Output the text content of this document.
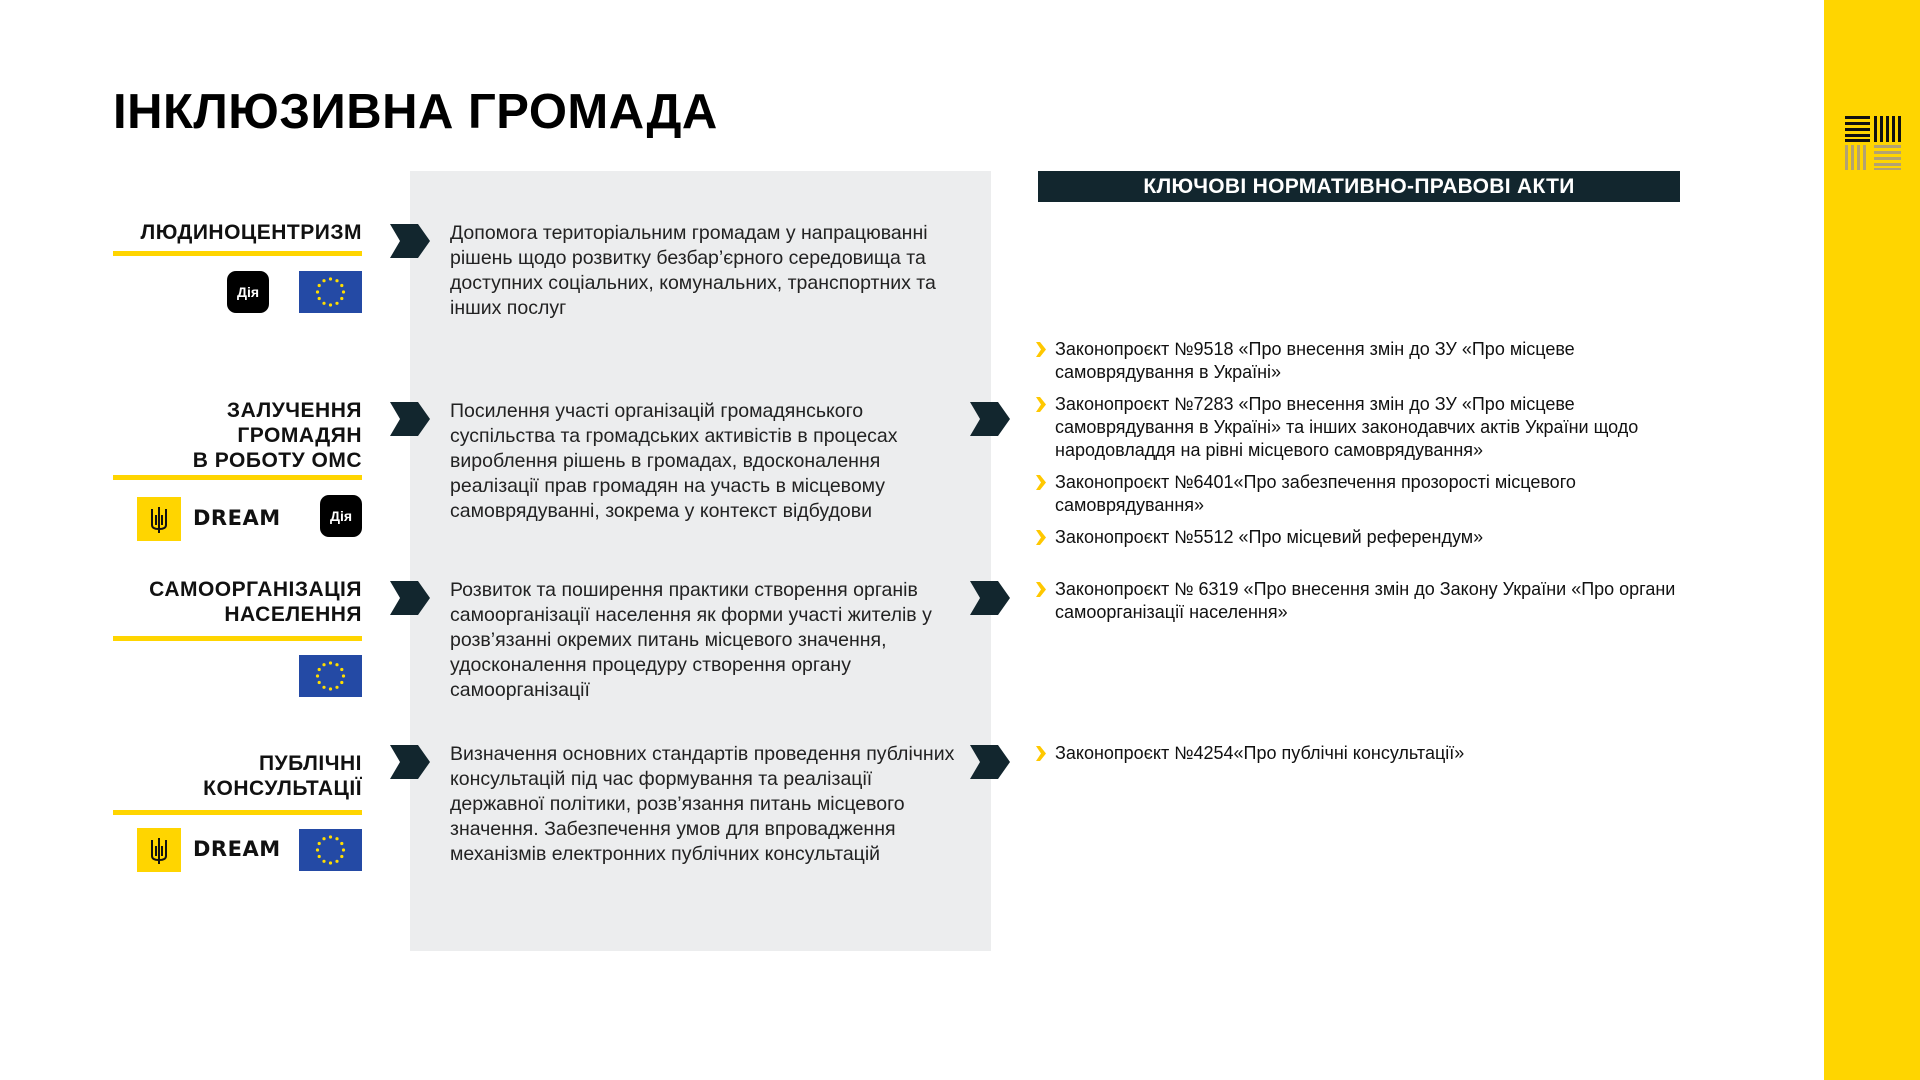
ІНКЛЮЗИВНА ГРОМАДА
КЛЮЧОВІ НОРМАТИВНО-ПРАВОВІ АКТИ
ЛЮДИНОЦЕНТРИЗМ
Дія
Допомога територіальним громадам у напрацюванні рішень щодо розвитку безбар’єрного середовища та доступних соціальних, комунальних, транспортних та інших послуг
ЗАЛУЧЕННЯ
ГРОМАДЯН
В РОБОТУ ОМС
DREAM	Дія
Посилення участі організацій громадянського суспільства та громадських активістів в процесах вироблення рішень в громадах, вдосконалення реалізації прав громадян на участь в місцевому самоврядуванні, зокрема у контекст відбудови
Законопроєкт №9518 «Про внесення змін до ЗУ «Про місцеве самоврядування в Україні»
Законопроєкт №7283 «Про внесення змін до ЗУ «Про місцеве самоврядування в Україні» та інших законодавчих актів України щодо народовладдя на рівні місцевого самоврядування»
Законопроєкт №6401«Про забезпечення прозорості місцевого самоврядування»
Законопроєкт №5512 «Про місцевий референдум»
САМООРГАНІЗАЦІЯ
НАСЕЛЕННЯ
Розвиток та поширення практики створення органів самоорганізації населення як форми участі жителів у розв’язанні окремих питань місцевого значення, удосконалення процедуру створення органу самоорганізації
Законопроєкт № 6319 «Про внесення змін до Закону України «Про органи самоорганізації населення»
ПУБЛІЧНІ
КОНСУЛЬТАЦІЇ
DREAM
Визначення основних стандартів проведення публічних консультацій під час формування та реалізації державної політики, розв’язання питань місцевого значення. Забезпечення умов для впровадження механізмів електронних публічних консультацій
Законопроєкт №4254«Про публічні консультації»
